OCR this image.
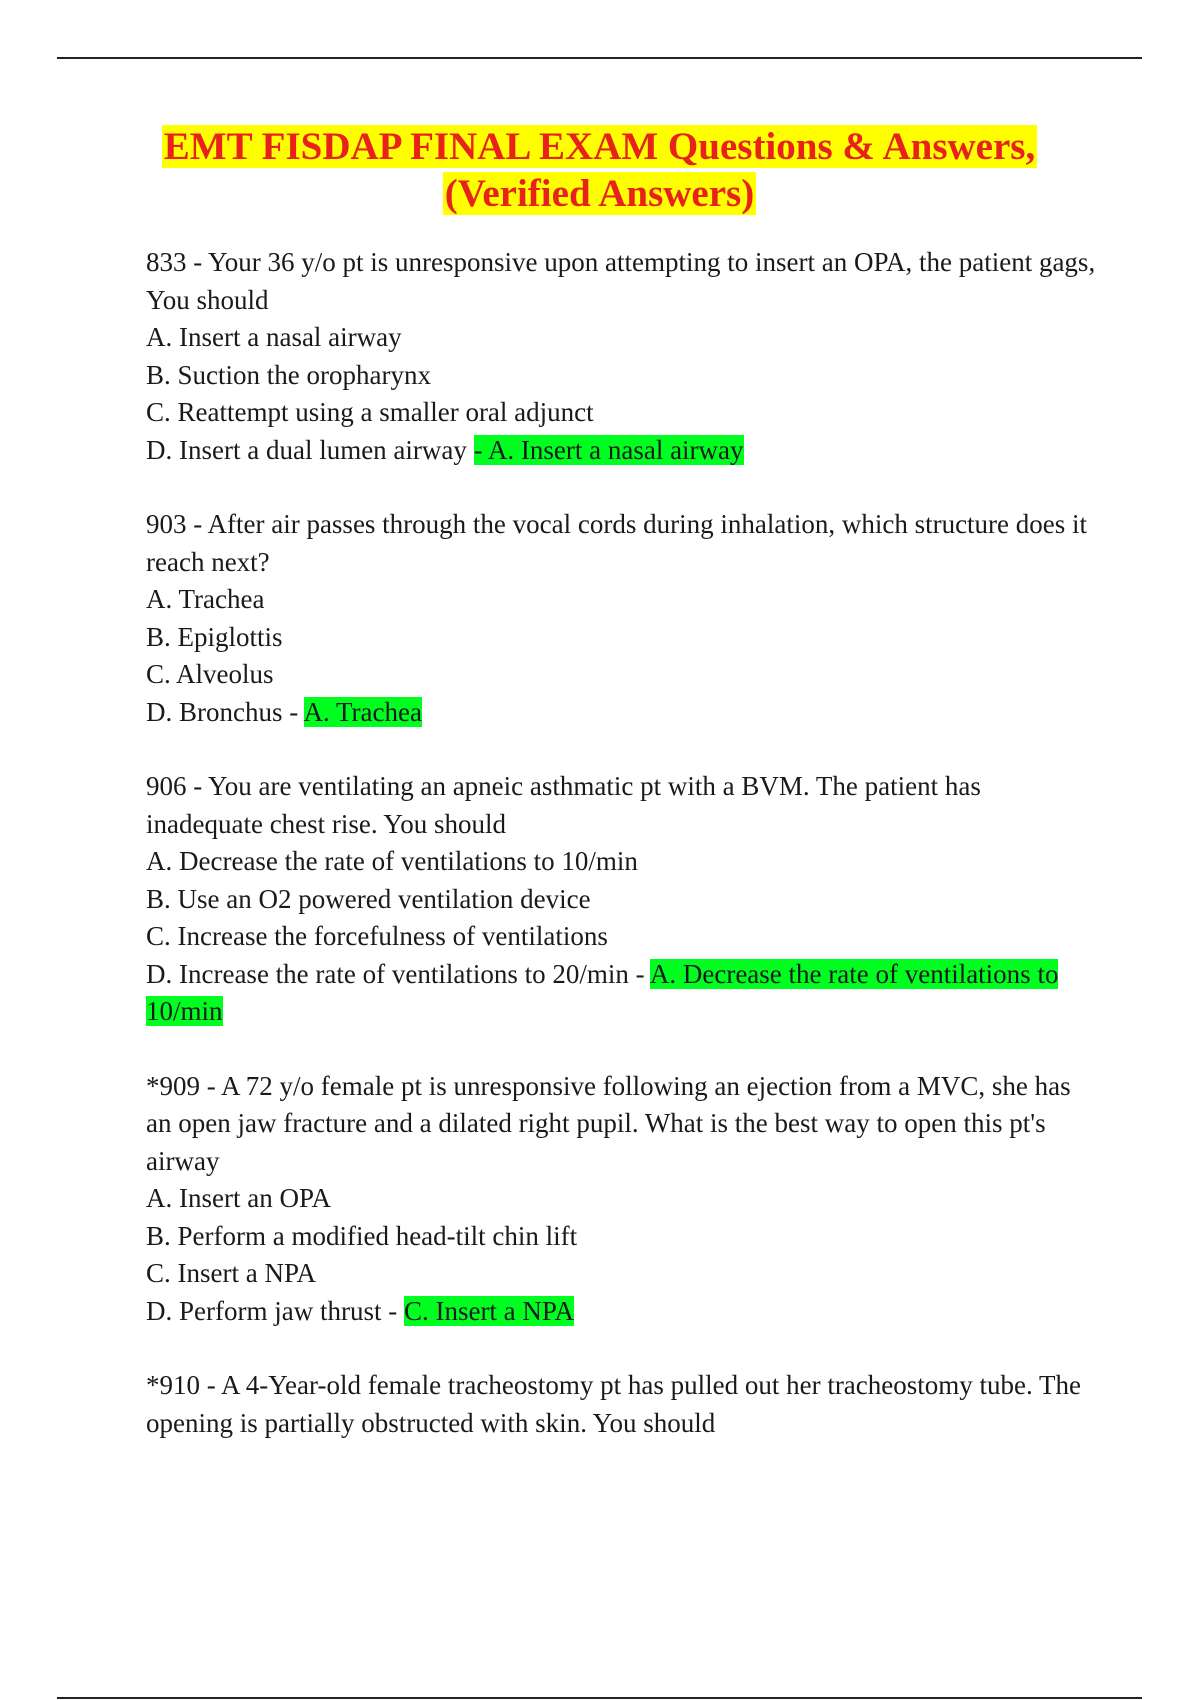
EMT FISDAP FINAL EXAM Questions & Answers,
(Verified Answers)
833 - Your 36 y/o pt is unresponsive upon attempting to insert an OPA, the patient gags, You should
A. Insert a nasal airway
B. Suction the oropharynx
C. Reattempt using a smaller oral adjunct
D. Insert a dual lumen airway - A. Insert a nasal airway
903 - After air passes through the vocal cords during inhalation, which structure does it reach next?
A. Trachea
B. Epiglottis
C. Alveolus
D. Bronchus - A. Trachea
906 - You are ventilating an apneic asthmatic pt with a BVM. The patient has inadequate chest rise. You should
A. Decrease the rate of ventilations to 10/min
B. Use an O2 powered ventilation device
C. Increase the forcefulness of ventilations
D. Increase the rate of ventilations to 20/min - A. Decrease the rate of ventilations to 10/min
*909 - A 72 y/o female pt is unresponsive following an ejection from a MVC, she has an open jaw fracture and a dilated right pupil. What is the best way to open this pt's airway
A. Insert an OPA
B. Perform a modified head-tilt chin lift
C. Insert a NPA
D. Perform jaw thrust - C. Insert a NPA
*910 - A 4-Year-old female tracheostomy pt has pulled out her tracheostomy tube. The opening is partially obstructed with skin. You should
